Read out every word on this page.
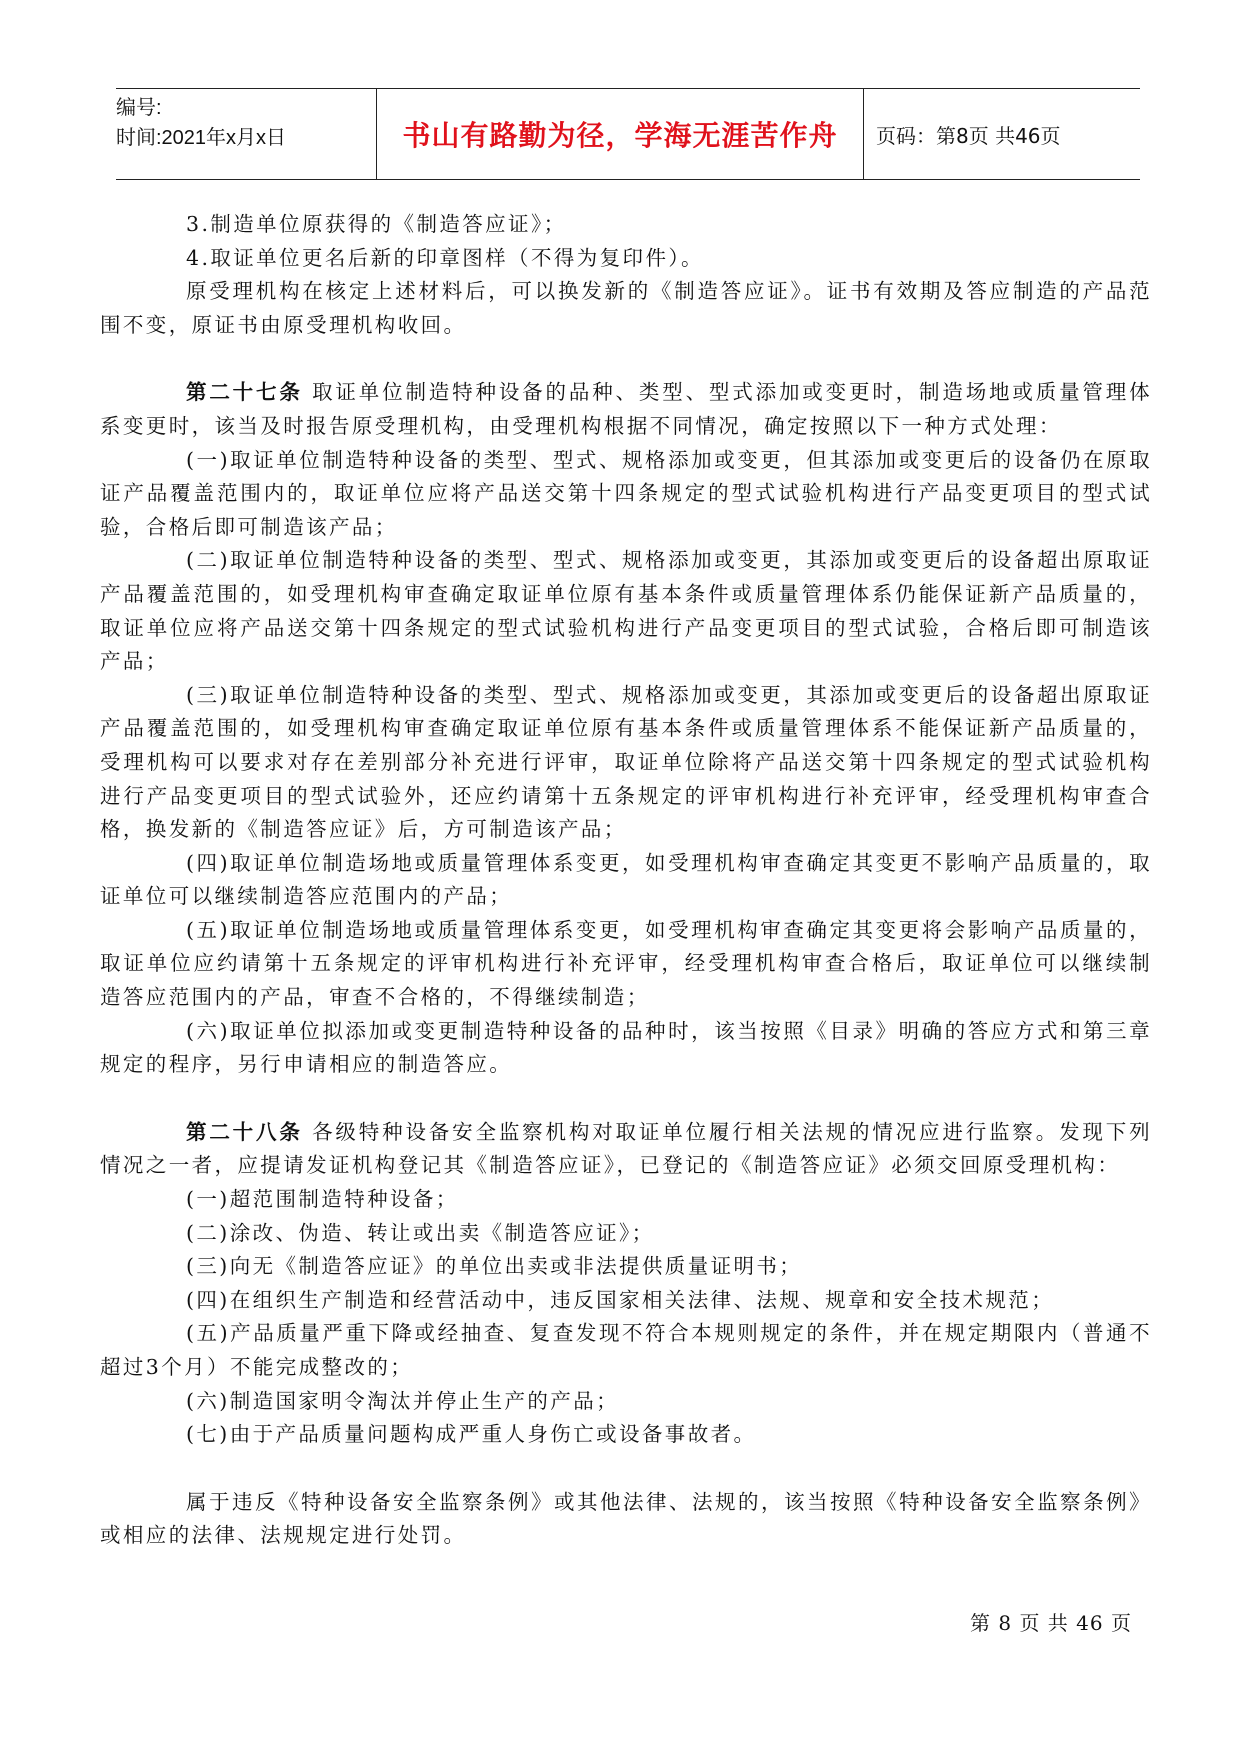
编号:
时间:2021年x月x日	书山有路勤为径，学海无涯苦作舟	页码：第8页 共46页

3.制造单位原获得的《制造答应证》；

4.取证单位更名后新的印章图样（不得为复印件）。

原受理机构在核定上述材料后，可以换发新的《制造答应证》。证书有效期及答应制造的产品范围不变，原证书由原受理机构收回。

第二十七条 取证单位制造特种设备的品种、类型、型式添加或变更时，制造场地或质量管理体系变更时，该当及时报告原受理机构，由受理机构根据不同情况，确定按照以下一种方式处理：

(一)取证单位制造特种设备的类型、型式、规格添加或变更，但其添加或变更后的设备仍在原取证产品覆盖范围内的，取证单位应将产品送交第十四条规定的型式试验机构进行产品变更项目的型式试验，合格后即可制造该产品；

(二)取证单位制造特种设备的类型、型式、规格添加或变更，其添加或变更后的设备超出原取证产品覆盖范围的，如受理机构审查确定取证单位原有基本条件或质量管理体系仍能保证新产品质量的，取证单位应将产品送交第十四条规定的型式试验机构进行产品变更项目的型式试验，合格后即可制造该产品；

(三)取证单位制造特种设备的类型、型式、规格添加或变更，其添加或变更后的设备超出原取证产品覆盖范围的，如受理机构审查确定取证单位原有基本条件或质量管理体系不能保证新产品质量的，受理机构可以要求对存在差别部分补充进行评审，取证单位除将产品送交第十四条规定的型式试验机构进行产品变更项目的型式试验外，还应约请第十五条规定的评审机构进行补充评审，经受理机构审查合格，换发新的《制造答应证》后，方可制造该产品；

(四)取证单位制造场地或质量管理体系变更，如受理机构审查确定其变更不影响产品质量的，取证单位可以继续制造答应范围内的产品；

(五)取证单位制造场地或质量管理体系变更，如受理机构审查确定其变更将会影响产品质量的，取证单位应约请第十五条规定的评审机构进行补充评审，经受理机构审查合格后，取证单位可以继续制造答应范围内的产品，审查不合格的，不得继续制造；

(六)取证单位拟添加或变更制造特种设备的品种时，该当按照《目录》明确的答应方式和第三章规定的程序，另行申请相应的制造答应。

第二十八条 各级特种设备安全监察机构对取证单位履行相关法规的情况应进行监察。发现下列情况之一者，应提请发证机构登记其《制造答应证》，已登记的《制造答应证》必须交回原受理机构：

(一)超范围制造特种设备；

(二)涂改、伪造、转让或出卖《制造答应证》；

(三)向无《制造答应证》的单位出卖或非法提供质量证明书；

(四)在组织生产制造和经营活动中，违反国家相关法律、法规、规章和安全技术规范；

(五)产品质量严重下降或经抽查、复查发现不符合本规则规定的条件，并在规定期限内（普通不超过3个月）不能完成整改的；

(六)制造国家明令淘汰并停止生产的产品；

(七)由于产品质量问题构成严重人身伤亡或设备事故者。

属于违反《特种设备安全监察条例》或其他法律、法规的，该当按照《特种设备安全监察条例》或相应的法律、法规规定进行处罚。

第 8 页 共 46 页
